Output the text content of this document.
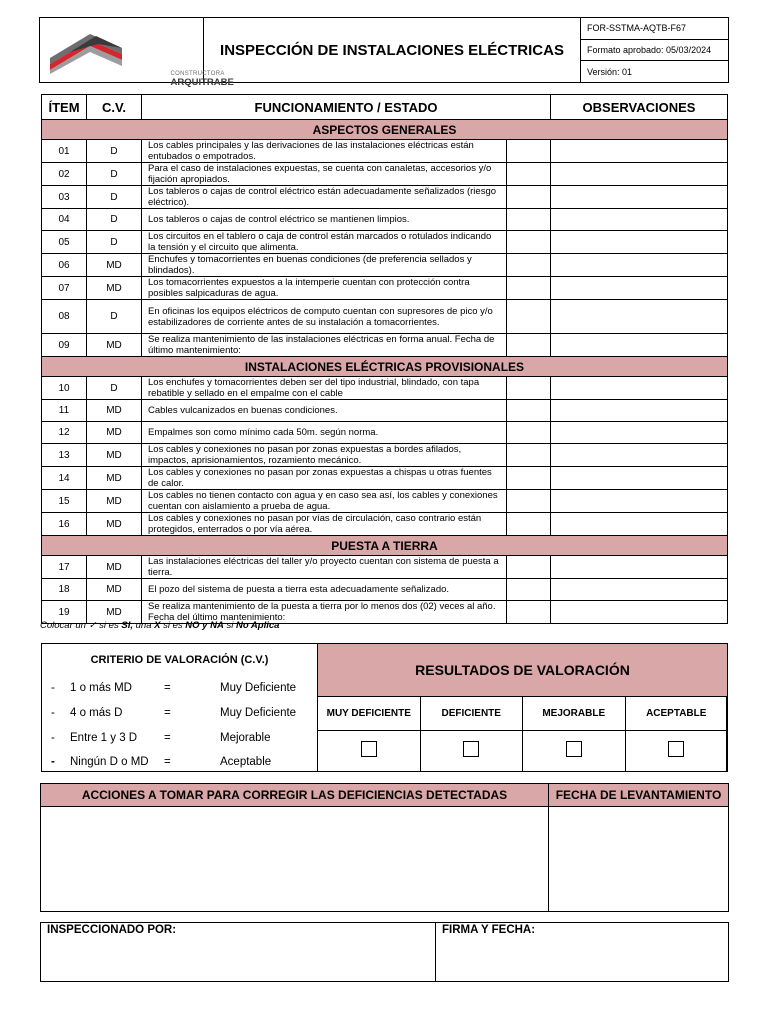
CONSTRUCTORA
ARQUITRABE
	INSPECCIÓN DE INSTALACIONES ELÉCTRICAS	FOR-SSTMA-AQTB-F67
Formato aprobado: 05/03/2024
Versión: 01
ÍTEM	C.V.	FUNCIONAMIENTO / ESTADO		OBSERVACIONES
ASPECTOS GENERALES				
01	D	Los cables principales y las derivaciones de las instalaciones eléctricas están entubados o empotrados.		
02	D	Para el caso de instalaciones expuestas, se cuenta con canaletas, accesorios y/o fijación apropiados.		
03	D	Los tableros o cajas de control eléctrico están adecuadamente señalizados (riesgo eléctrico).		
04	D	Los tableros o cajas de control eléctrico se mantienen limpios.		
05	D	Los circuitos en el tablero o caja de control están marcados o rotulados indicando la tensión y el circuito que alimenta.		
06	MD	Enchufes y tomacorrientes en buenas condiciones (de preferencia sellados y blindados).		
07	MD	Los tomacorrientes expuestos a la intemperie cuentan con protección contra posibles salpicaduras de agua.		
08	D	En oficinas los equipos eléctricos de computo cuentan con supresores de pico y/o estabilizadores de corriente antes de su instalación a tomacorrientes.		
09	MD	Se realiza mantenimiento de las instalaciones eléctricas en forma anual. Fecha de último mantenimiento:		
INSTALACIONES ELÉCTRICAS PROVISIONALES				
10	D	Los enchufes y tomacorrientes deben ser del tipo industrial, blindado, con tapa rebatible y sellado en el empalme con el cable		
11	MD	Cables vulcanizados en buenas condiciones.		
12	MD	Empalmes son como mínimo cada 50m. según norma.		
13	MD	Los cables y conexiones no pasan por zonas expuestas a bordes afilados, impactos, aprisionamientos, rozamiento mecánico.		
14	MD	Los cables y conexiones no pasan por zonas expuestas a chispas u otras fuentes de calor.		
15	MD	Los cables no tienen contacto con agua y en caso sea así, los cables y conexiones cuentan con aislamiento a prueba de agua.		
16	MD	Los cables y conexiones no pasan por vías de circulación, caso contrario están protegidos, enterrados o por vía aérea.		
PUESTA A TIERRA				
17	MD	Las instalaciones eléctricas del taller y/o proyecto cuentan con sistema de puesta a tierra.		
18	MD	El pozo del sistema de puesta a tierra esta adecuadamente señalizado.		
19	MD	Se realiza mantenimiento de la puesta a tierra por lo menos dos (02) veces al año. Fecha del último mantenimiento:		
Colocar un ✓ si es SI, una X si es NO y NA si No Aplica
CRITERIO DE VALORACIÓN (C.V.)
- 1 o más MD	=	Muy Deficiente
- 4 o más D	=	Muy Deficiente
- Entre 1 y 3 D =	Mejorable
- Ningún D o MD =	Aceptable
RESULTADOS DE VALORACIÓN			
MUY DEFICIENTE	DEFICIENTE	MEJORABLE	ACEPTABLE

ACCIONES A TOMAR PARA CORREGIR LAS DEFICIENCIAS DETECTADAS	FECHA DE LEVANTAMIENTO

INSPECCIONADO POR:	FIRMA Y FECHA:
